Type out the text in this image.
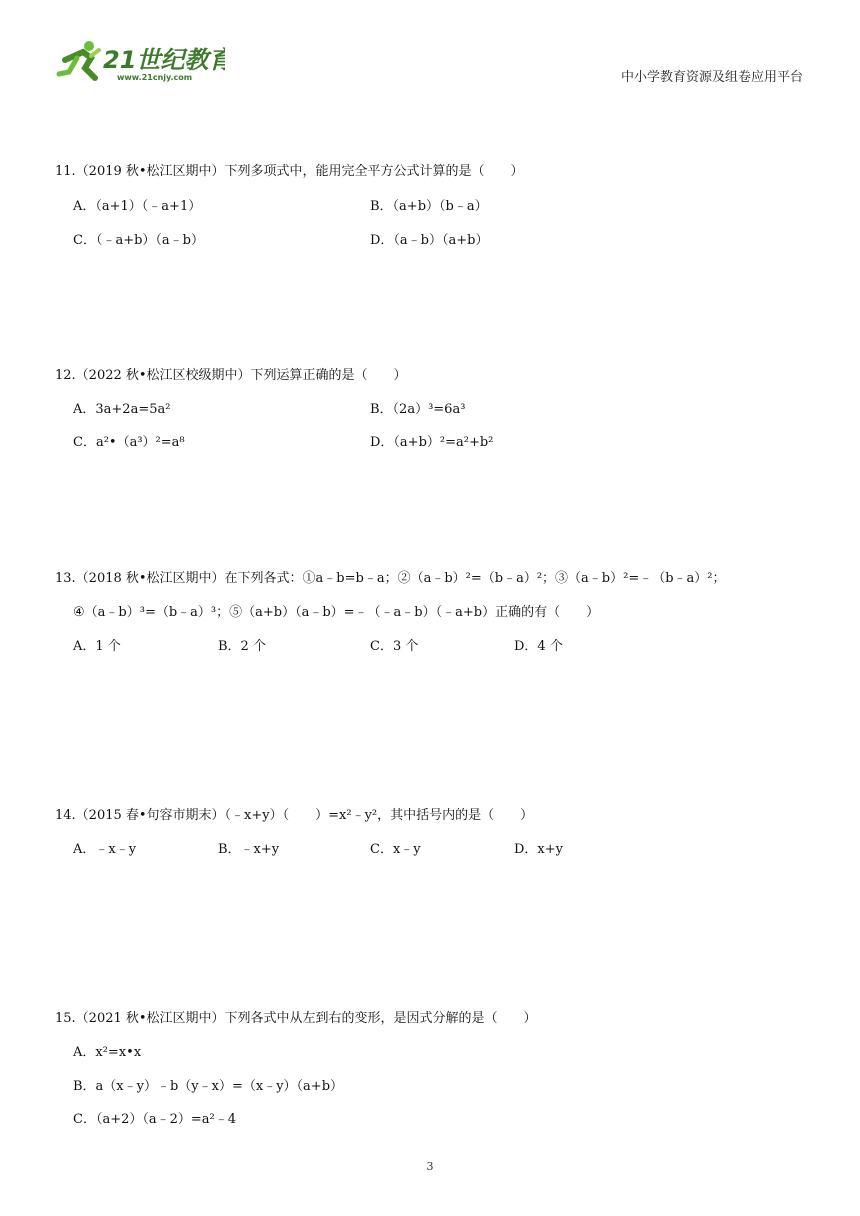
21世纪教育
www.21cnjy.com	中小学教育资源及组卷应用平台
11.（2019 秋•松江区期中）下列多项式中，能用完全平方公式计算的是（　　）
A．（a+1）（﹣a+1）	B．（a+b）（b﹣a）
C．（﹣a+b）（a﹣b）	D．（a﹣b）（a+b）
12.（2022 秋•松江区校级期中）下列运算正确的是（　　）
A．3a+2a=5a²	B．（2a）³=6a³
C．a²•（a³）²=a⁸	D．（a+b）²=a²+b²
13.（2018 秋•松江区期中）在下列各式：①a﹣b=b﹣a；②（a﹣b）²=（b﹣a）²；③（a﹣b）²=﹣（b﹣a）²；
④（a﹣b）³=（b﹣a）³；⑤（a+b）（a﹣b）=﹣（﹣a﹣b）（﹣a+b）正确的有（　　）
A．1 个	B．2 个	C．3 个	D．4 个
14.（2015 春•句容市期末）（﹣x+y）（　　）=x²﹣y²，其中括号内的是（　　）
A．﹣x﹣y	B．﹣x+y	C．x﹣y	D．x+y
15.（2021 秋•松江区期中）下列各式中从左到右的变形，是因式分解的是（　　）
A．x²=x•x
B．a（x﹣y）﹣b（y﹣x）=（x﹣y）（a+b）
C．（a+2）（a﹣2）=a²﹣4
3
